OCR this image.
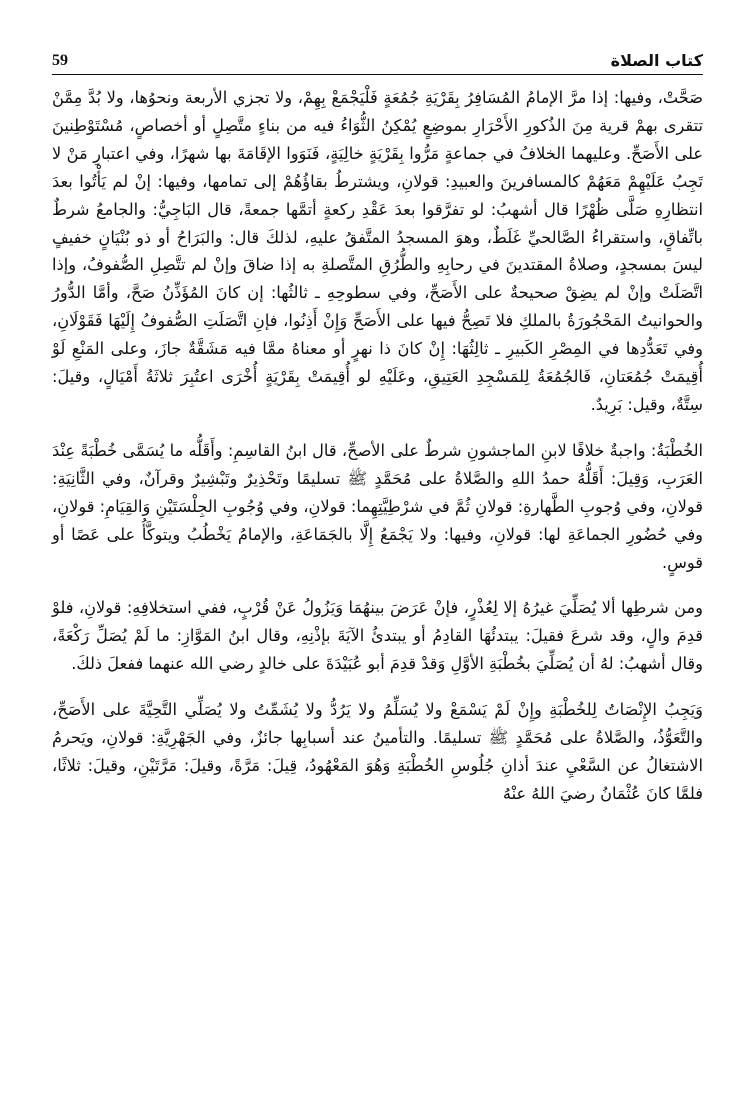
59	كتاب الصلاة

صَحَّتْ، وفيها: إذا مرَّ الإمامُ المُسَافِرُ بِقَرْيَةِ جُمُعَةٍ فَلْيَجْمَعْ بِهِمْ، ولا تجزي الأربعة ونحوُها، ولا بُدَّ مِمَّنْ تتقرى بهمْ قرية مِنَ الذُكورِ الأَحْرَارِ بموضِعٍ يُمْكِنُ الثُّوَاءُ فيه من بناءٍ متَّصِلٍ أو أخصاصٍ، مُسْتَوْطِنينَ على الأَصَحِّ. وعليهما الخلافُ في جماعةٍ مَرُّوا بِقَرْيَةٍ خالِيَةٍ، فَنَوَوا الإقَامَةَ بها شهرًا، وفي اعتبارِ مَنْ لا تَجِبُ عَلَيْهِمْ مَعَهُمْ كالمسافرينَ والعبيدِ: قولانِ، ويشترطُ بقاؤُهُمْ إلى تمامها، وفيها: إنْ لم يَأْتُوا بعدَ انتظارِهِ صَلَّى ظُهْرًا قال أشهبُ: لو تفرَّقوا بعدَ عَقْدِ ركعةٍ أتمَّها جمعةً، قال البَاجِيُّ: والجامعُ شرطٌ باتِّفاقٍ، واستقراءُ الصَّالحيِّ غَلَطٌ، وهوَ المسجدُ المتَّفقُ عليهِ، لذلكَ قال: والبَرَاحُ أو ذو بُنْيَانٍ خفيفٍ ليسَ بمسجدٍ، وصلاةُ المقتدينَ في رحابِهِ والطُّرُقِ المتَّصلةِ به إذا ضاقَ وإنْ لم تتَّصِلِ الصُّفوفُ، وإذا اتَّصَلَتْ وإنْ لم يضِقْ صحيحةٌ على الأَصَحِّ، وفي سطوحِهِ ـ ثالثُها: إن كانَ المُؤَذِّنُ صَحَّ، وأمَّا الدُّورُ والحوانيتُ المَحْجُورَةُ بالملكِ فلا تَصِحُّ فيها على الأَصَحِّ وَإِنْ أَذِنُوا، فإنِ اتَّصَلَتِ الصُّفوفُ إِلَيْهَا فَقَوْلَانِ، وفي تَعَدُّدِها في المِصْرِ الكَبيرِ ـ ثالِثُهَا: إِنْ كانَ ذا نهرٍ أو معناهُ ممَّا فيه مَشَقَّةٌ جازَ، وعلى المَنْعِ لَوْ أُقِيمَتْ جُمُعَتانِ، فَالجُمُعَةُ لِلمَسْجِدِ العَتِيقِ، وعَلَيْهِ لو أُقِيمَتْ بِقَرْيَةٍ أُخْرَى اعتُبِرَ ثلاثَةُ أَمْيَالٍ، وقيلَ: سِتَّةٌ، وقيل: بَرِيدٌ.

الخُطْبَةُ: واجبةٌ خلافًا لابنِ الماجشونِ شرطٌ على الأصحِّ، قال ابنُ القاسِمِ: وأَقَلُّه ما يُسَمَّى خُطْبَةً عِنْدَ العَرَبِ، وَقِيلَ: أَقَلُّهُ حمدُ اللهِ والصَّلاةُ على مُحَمَّدٍ ﷺ تسليمًا وتَحْذِيرٌ وتَبْشِيرٌ وقرآنٌ، وفي الثَّانِيَةِ: قولانِ، وفي وُجوبِ الطَّهارةِ: قولانِ ثُمَّ في شرْطِيَّتِهِما: قولانِ، وفي وُجُوبِ الجِلْسَتَيْنِ وَالقِيَامِ: قولانِ، وفي حُضُورِ الجماعَةِ لها: قولانِ، وفيها: ولا يَجْمَعُ إِلَّا بالجَمَاعَةِ، والإمامُ يَخْطُبُ ويتوكَّأُ على عَصًا أو قوسٍ.

ومن شرطِها ألا يُصَلِّيَ غيرُهُ إلا لِعُذْرٍ، فإنْ عَرَضَ بينهُمَا وَيَزُولُ عَنْ قُرْبٍ، ففي استخلافِهِ: قولانِ، فلوْ قدِمَ والٍ، وقد شرعَ فقيلَ: يبتدئُهَا القادِمُ أو يبتدئُ الآيَةَ بإذْنِهِ، وقال ابنُ المَوَّازِ: ما لَمْ يُصَلِّ رَكْعَةً، وقال أشهبُ: لهُ أن يُصَلِّيَ بخُطْبَةِ الأوَّلِ وَقدْ قدِمَ أبو عُبَيْدَةَ على خالدٍ رضي الله عنهما ففعلَ ذلكَ.

وَيَجِبُ الإِنْصَاتُ لِلخُطْبَةِ وإِنْ لَمْ يَسْمَعْ ولا يُسَلِّمُ ولا يَرُدُّ ولا يُشَمِّتُ ولا يُصَلِّي التَّحِيَّةَ على الأَصَحِّ، والتَّعَوُّذُ، والصَّلاةُ على مُحَمَّدٍ ﷺ تسليمًا. والتأمينُ عند أسبابِها جائزٌ، وفي الجَهْرِيَّةِ: قولانِ، ويَحرمُ الاشتغالُ عن السَّعْيِ عندَ أذانِ جُلُوسِ الخُطْبَةِ وَهُوَ المَعْهُودُ، قِيلَ: مَرَّةً، وقيلَ: مَرَّتَيْنِ، وقيلَ: ثلاثًا، فلمَّا كانَ عُثْمَانُ رضيَ اللهُ عنْهُ
